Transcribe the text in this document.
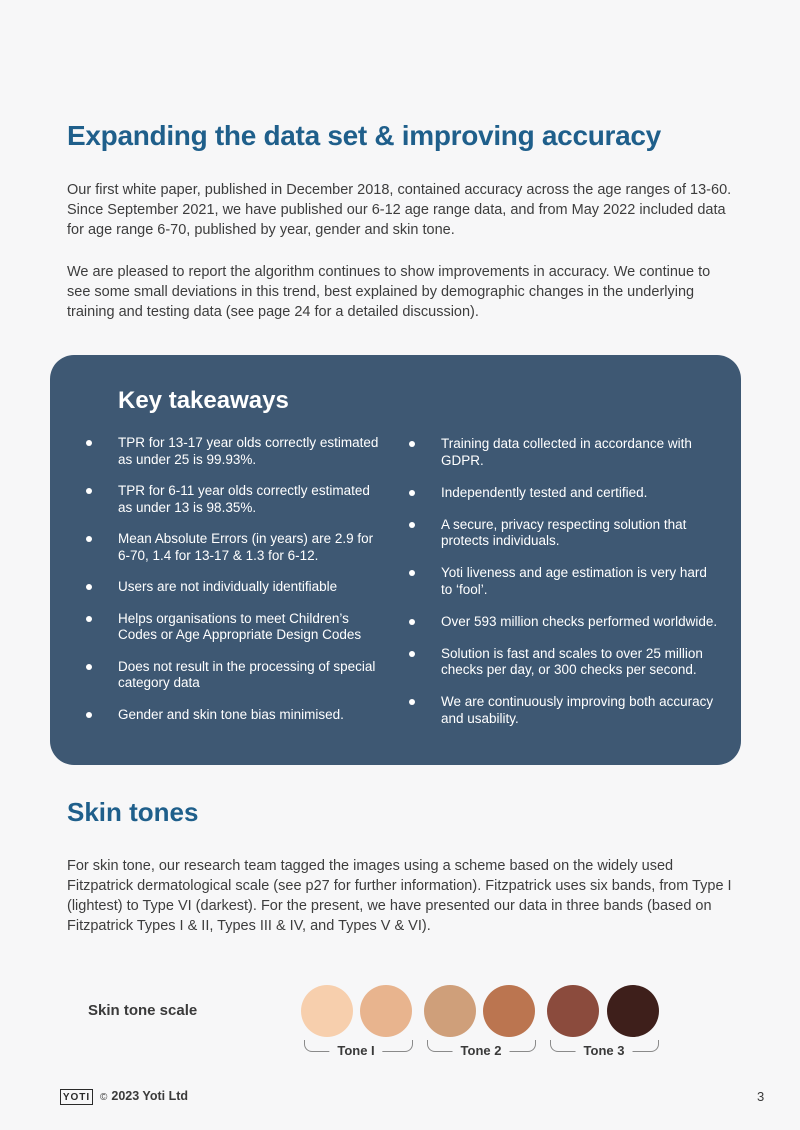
Expanding the data set & improving accuracy

Our first white paper, published in December 2018, contained accuracy across the age ranges of 13-60. Since September 2021, we have published our 6-12 age range data, and from May 2022 included data for age range 6-70, published by year, gender and skin tone.

We are pleased to report the algorithm continues to show improvements in accuracy. We continue to see some small deviations in this trend, best explained by demographic changes in the underlying training and testing data (see page 24 for a detailed discussion).

Key takeaways
TPR for 13-17 year olds correctly estimated as under 25 is 99.93%.
TPR for 6-11 year olds correctly estimated as under 13 is 98.35%.
Mean Absolute Errors (in years) are 2.9 for 6-70, 1.4 for 13-17 & 1.3 for 6-12.
Users are not individually identifiable
Helps organisations to meet Children’s Codes or Age Appropriate Design Codes
Does not result in the processing of special category data
Gender and skin tone bias minimised.
Training data collected in accordance with GDPR.
Independently tested and certified.
A secure, privacy respecting solution that protects individuals.
Yoti liveness and age estimation is very hard to ‘fool’.
Over 593 million checks performed worldwide.
Solution is fast and scales to over 25 million checks per day, or 300 checks per second.
We are continuously improving both accuracy and usability.
Skin tones

For skin tone, our research team tagged the images using a scheme based on the widely used Fitzpatrick dermatological scale (see p27 for further information). Fitzpatrick uses six bands, from Type I (lightest) to Type VI (darkest). For the present, we have presented our data in three bands (based on Fitzpatrick Types I & II, Types III & IV, and Types V & VI).

Skin tone scale
Tone I	Tone 2	Tone 3
YOTI © 2023 Yoti Ltd	3
